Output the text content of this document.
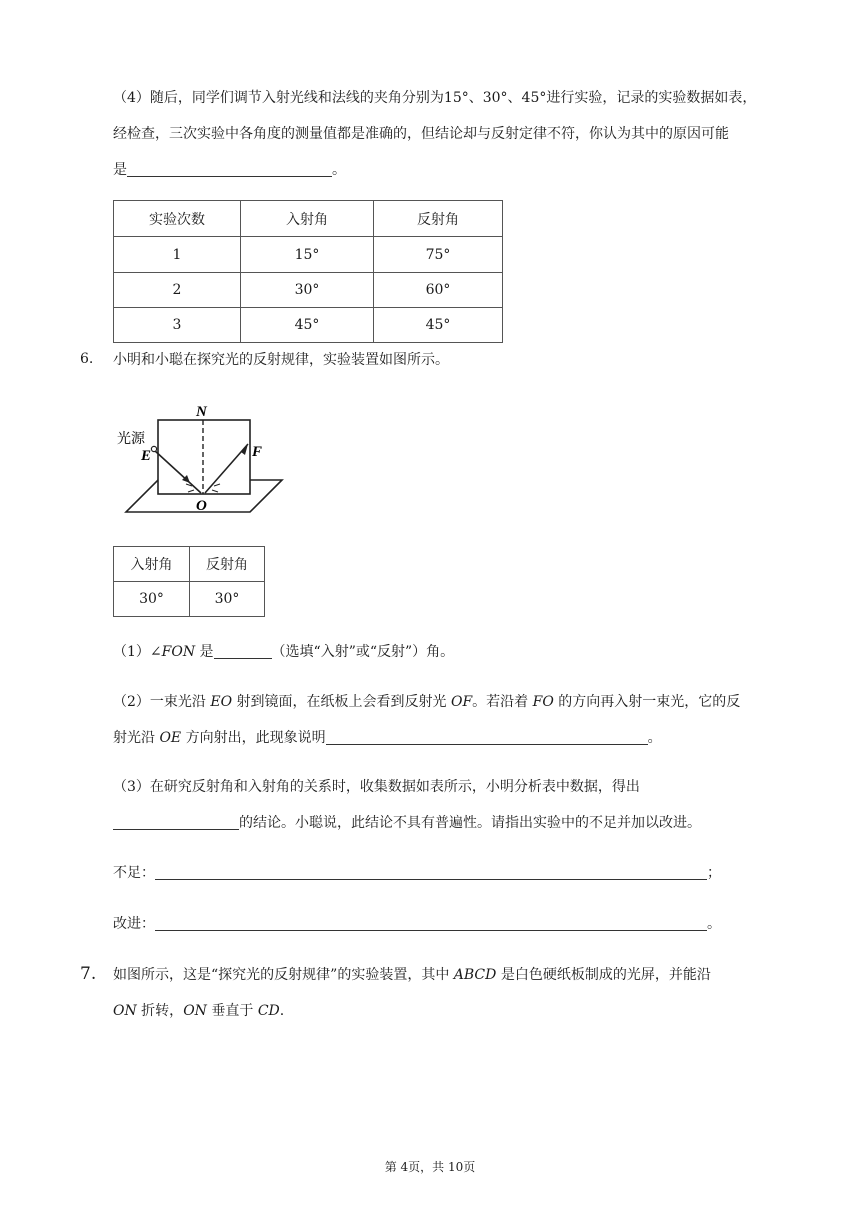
（4）随后，同学们调节入射光线和法线的夹角分别为15°、30°、45°进行实验，记录的实验数据如表，

经检查，三次实验中各角度的测量值都是准确的，但结论却与反射定律不符，你认为其中的原因可能

是	。

实验次数	入射角	反射角
1	15°	75°
2	30°	60°
3	45°	45°
6. 小明和小聪在探究光的反射规律，实验装置如图所示。

N
光源
E	F
O
入射角	反射角
30°	30°

（1）∠FON 是	（选填“入射”或“反射”）角。

（2）一束光沿 EO 射到镜面，在纸板上会看到反射光 OF。若沿着 FO 的方向再入射一束光，它的反

射光沿 OE 方向射出，此现象说明	。

（3）在研究反射角和入射角的关系时，收集数据如表所示，小明分析表中数据，得出

的结论。小聪说，此结论不具有普遍性。请指出实验中的不足并加以改进。

不足：	；

改进：	。

7. 如图所示，这是“探究光的反射规律”的实验装置，其中 ABCD 是白色硬纸板制成的光屏，并能沿

ON 折转，ON 垂直于 CD.

第 4页，共 10页
